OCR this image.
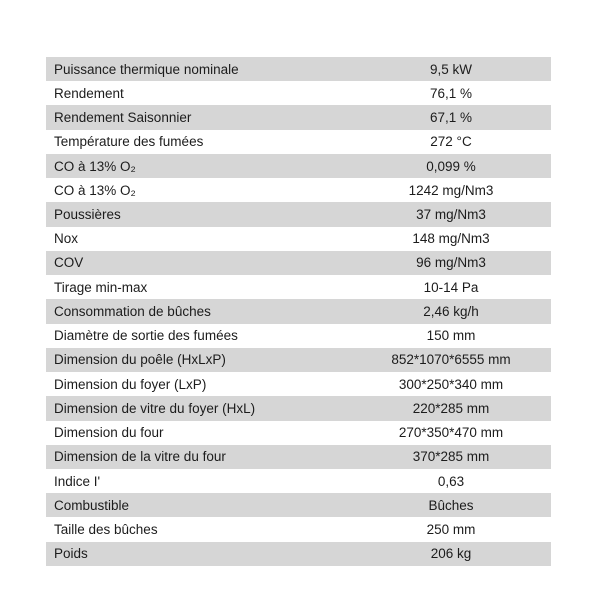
Puissance thermique nominale	9,5 kW
Rendement	76,1 %
Rendement Saisonnier	67,1 %
Température des fumées	272 °C
CO à 13% O₂	0,099 %
CO à 13% O₂	1242 mg/Nm3
Poussières	37 mg/Nm3
Nox	148 mg/Nm3
COV	96 mg/Nm3
Tirage min-max	10-14 Pa
Consommation de bûches	2,46 kg/h
Diamètre de sortie des fumées	150 mm
Dimension du poêle (HxLxP)	852*1070*6555 mm
Dimension du foyer (LxP)	300*250*340 mm
Dimension de vitre du foyer (HxL)	220*285 mm
Dimension du four	270*350*470 mm
Dimension de la vitre du four	370*285 mm
Indice I'	0,63
Combustible	Bûches
Taille des bûches	250 mm
Poids	206 kg
